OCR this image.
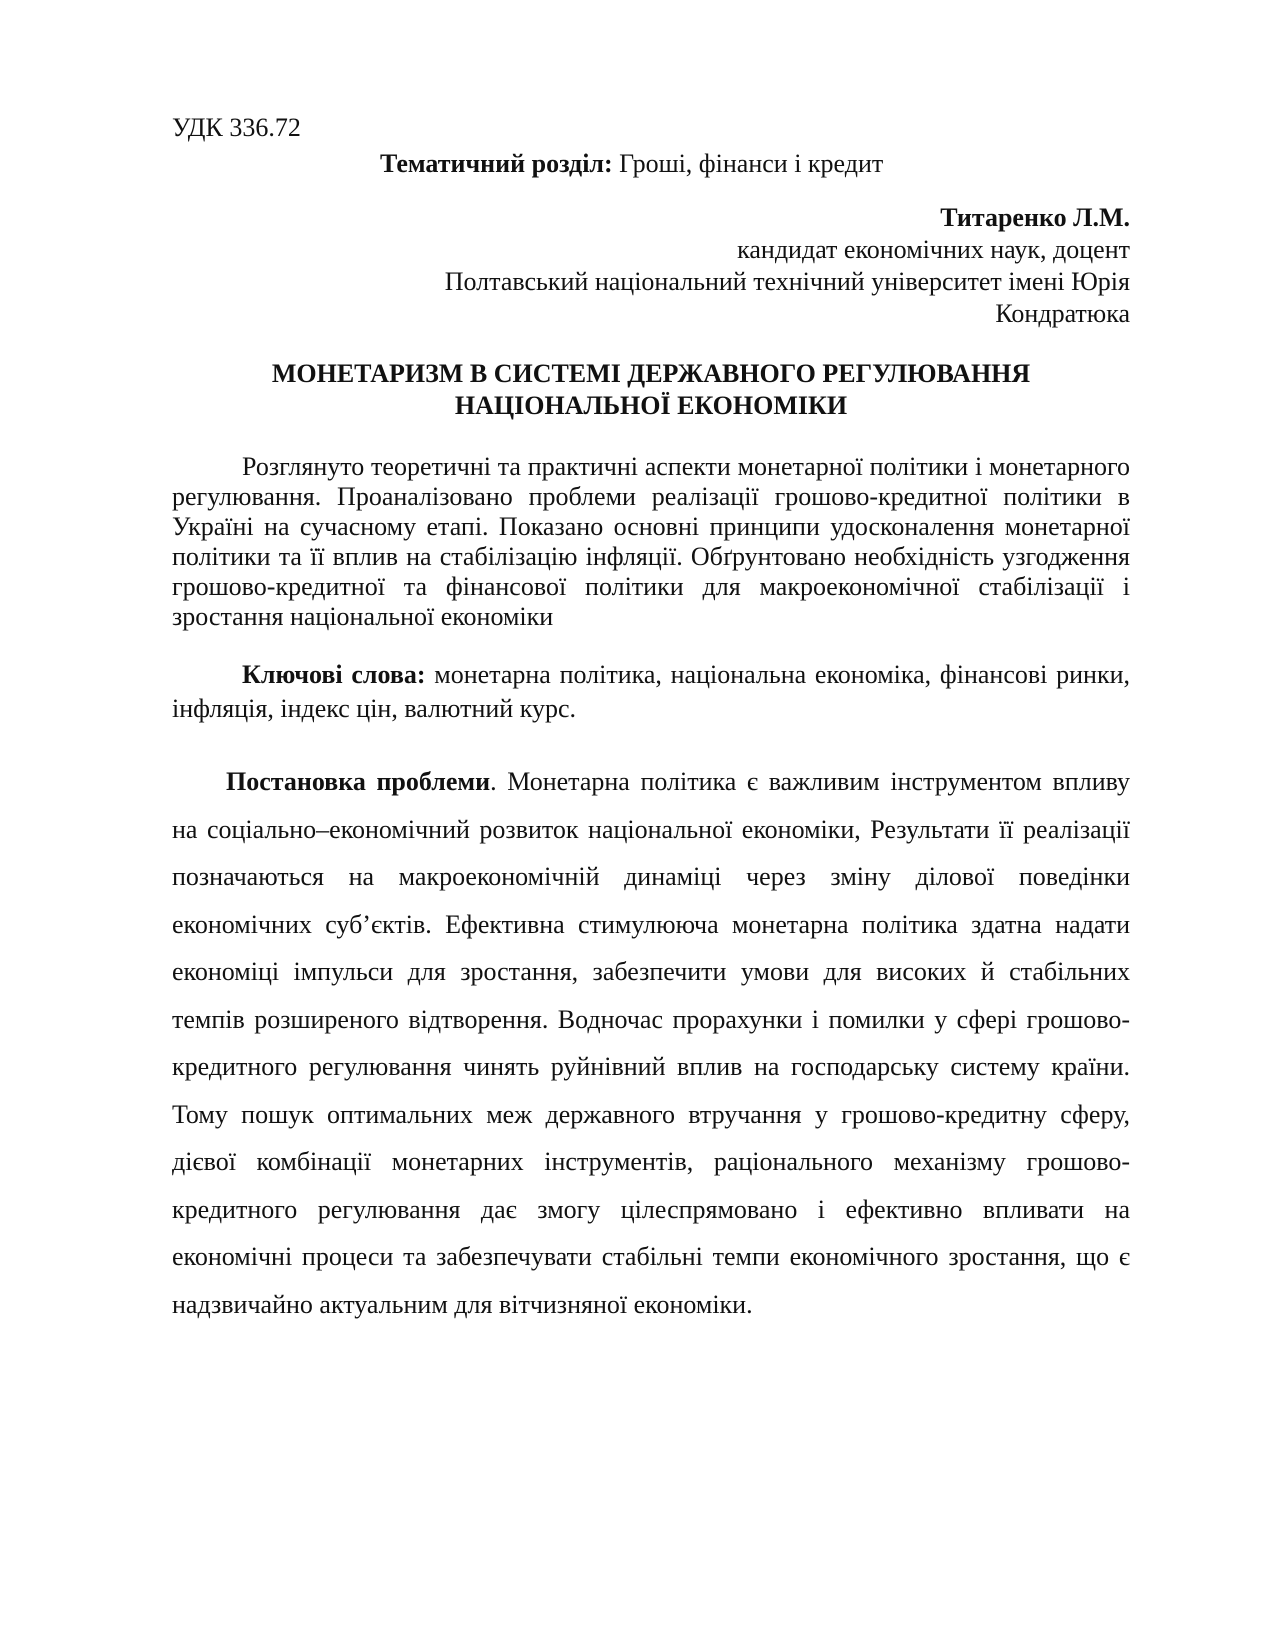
УДК 336.72

Тематичний розділ: Гроші, фінанси і кредит

Титаренко Л.М.

кандидат економічних наук, доцент

Полтавський національний технічний університет імені Юрія

Кондратюка

МОНЕТАРИЗМ В СИСТЕМІ ДЕРЖАВНОГО РЕГУЛЮВАННЯ

НАЦІОНАЛЬНОЇ ЕКОНОМІКИ

Розглянуто теоретичні та практичні аспекти монетарної політики і монетарного регулювання. Проаналізовано проблеми реалізації грошово-кредитної політики в Україні на сучасному етапі. Показано основні принципи удосконалення монетарної політики та її вплив на стабілізацію інфляції. Обґрунтовано необхідність узгодження грошово-кредитної та фінансової політики для макроекономічної стабілізації і зростання національної економіки

Ключові слова: монетарна політика, національна економіка, фінансові ринки, інфляція, індекс цін, валютний курс.

Постановка проблеми. Монетарна політика є важливим інструментом впливу на соціально–економічний розвиток національної економіки, Результати її реалізації позначаються на макроекономічній динаміці через зміну ділової поведінки економічних суб’єктів. Ефективна стимулююча монетарна політика здатна надати економіці імпульси для зростання, забезпечити умови для високих й стабільних темпів розширеного відтворення. Водночас прорахунки і помилки у сфері грошово-кредитного регулювання чинять руйнівний вплив на господарську систему країни. Тому пошук оптимальних меж державного втручання у грошово-кредитну сферу, дієвої комбінації монетарних інструментів, раціонального механізму грошово-кредитного регулювання дає змогу цілеспрямовано і ефективно впливати на економічні процеси та забезпечувати стабільні темпи економічного зростання, що є надзвичайно актуальним для вітчизняної економіки.
